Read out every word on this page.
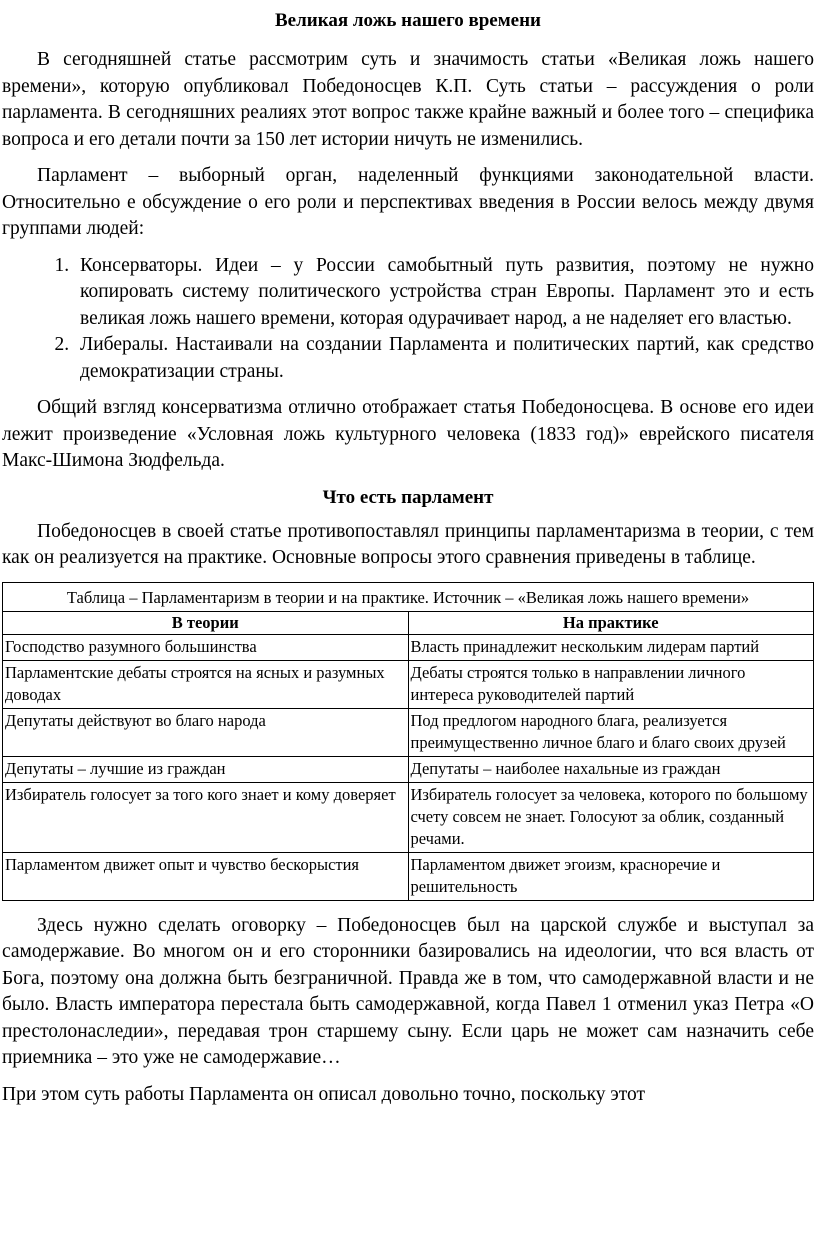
Великая ложь нашего времени

В сегодняшней статье рассмотрим суть и значимость статьи «Великая ложь нашего времени», которую опубликовал Победоносцев К.П. Суть статьи – рассуждения о роли парламента. В сегодняшних реалиях этот вопрос также крайне важный и более того – специфика вопроса и его детали почти за 150 лет истории ничуть не изменились.

Парламент – выборный орган, наделенный функциями законодательной власти. Относительно е обсуждение о его роли и перспективах введения в России велось между двумя группами людей:

1. Консерваторы. Идеи – у России самобытный путь развития, поэтому не нужно копировать систему политического устройства стран Европы. Парламент это и есть великая ложь нашего времени, которая одурачивает народ, а не наделяет его властью.
2. Либералы. Настаивали на создании Парламента и политических партий, как средство демократизации страны.

Общий взгляд консерватизма отлично отображает статья Победоносцева. В основе его идеи лежит произведение «Условная ложь культурного человека (1833 год)» еврейского писателя Макс-Шимона Зюдфельда.

Что есть парламент

Победоносцев в своей статье противопоставлял принципы парламентаризма в теории, с тем как он реализуется на практике. Основные вопросы этого сравнения приведены в таблице.

Таблица – Парламентаризм в теории и на практике. Источник – «Великая ложь нашего времени»	
В теории	На практике
Господство разумного большинства	Власть принадлежит нескольким лидерам партий
Парламентские дебаты строятся на ясных и разумных доводах	Дебаты строятся только в направлении личного интереса руководителей партий
Депутаты действуют во благо народа	Под предлогом народного блага, реализуется преимущественно личное благо и благо своих друзей
Депутаты – лучшие из граждан	Депутаты – наиболее нахальные из граждан
Избиратель голосует за того кого знает и кому доверяет	Избиратель голосует за человека, которого по большому счету совсем не знает. Голосуют за облик, созданный речами.
Парламентом движет опыт и чувство бескорыстия	Парламентом движет эгоизм, красноречие и решительность

Здесь нужно сделать оговорку – Победоносцев был на царской службе и выступал за самодержавие. Во многом он и его сторонники базировались на идеологии, что вся власть от Бога, поэтому она должна быть безграничной. Правда же в том, что самодержавной власти и не было. Власть императора перестала быть самодержавной, когда Павел 1 отменил указ Петра «О престолонаследии», передавая трон старшему сыну. Если царь не может сам назначить себе приемника – это уже не самодержавие…

При этом суть работы Парламента он описал довольно точно, поскольку этот
